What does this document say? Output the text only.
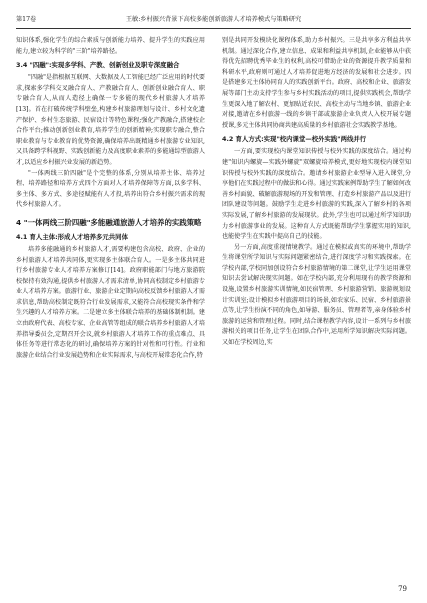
第17卷	王敏:乡村振兴背景下高校多能创新旅游人才培养模式与策略研究

知识体系,强化学生的综合素质与创新能力培养、提升学生的实践应用能力,建立较为科学的"三阶"培养路径。

3.4 "四融":实现多学科、产教、创新创业及职专深度融合

"四融"是指根据互联网、大数据及人工智能已经广泛应用的时代要求,探索多学科交叉融合育人、产教融合育人、创新创业融合育人、职专融合育人,从而人造径上确保一专多能的现代乡村旅游人才培养[13]。首在打破传统学科壁垒,构建乡村旅游理划与设计、乡村文化遗产保护、乡村生态旅游、民宿设计等特色课程;强化产教融合,搭建校企合作平台;推动创新创业教育,培养学生的创新精神;实现职专融合,整合职业教育与专业教育的优势资源,确保培养出既精通乡村旅游专业知识,又具备跨学科视野、实践创新能力及高度职业素养的多能通综型旅游人才,以适应乡村振兴业发展的新趋势。

"一体两线三阶四融"是个完整的体系,分别从培养主体、培养过程、培养路径和培养方式四个方面对人才培养保障等方面,以多学科、多主体、多方式、多途径赋能有人才投,培养出符合乡村振兴需求的现代乡村旅游人才。

4 "一体两线三阶四融"多能融通旅游人才培养的实践策略
4.1 育人主体:形成人才培养多元共同体

培养多能融通的乡村旅游人才,需要构建包含高校、政府、企业的乡村旅游人才培养共同体,更实现多主体联合育人。一是多主体共同进行乡村旅游专业人才培养方案修订[14]。政府职能部门与地方旅游院校保持有效沟通,提供乡村旅游人才需求清单,协同高校制定乡村旅游专业人才培养方案。旅游行业、旅游企业定期向高校反馈乡村旅游人才需求信息,帮助高校制定既符合行业发展需求,又能符合高校现实条件和学生兴趣的人才培养方案。二是建立多主体联合培养的基础体制机制。建立由政府代表、高校专家、企业高管等组成的联合培养乡村旅游人才培养指导委员会,定期召开会议,就乡村旅游人才培养工作的重点难点、具体任务等进行常态化的研讨,确保培养方案的针对性和可行性。行业和旅游企业结合行业发展趋势和企业实际需求,与高校开展常态化合作,特

别是共同开发模块化课程体系,助力乡村振兴。三是共享多方利益共享机制。通过深化合作,建立信息、成果和利益共享机制,企业能够从中获得优先招聘优秀毕业生的权利,高校可借助企业的资源提升教学质量和科研水平,政府则可通过人才培养促进地方经济的发展和社会进步。四是搭建多元主体协同育人的实践创新平台。政府、高校和企业、旅游发展等部门主动支持学生参与乡村实践活动的项目,提供实践机会,帮助学生更深入地了解农村、更加贴近农民、高校主动与当地乡镇、旅游企业对接,邀请在乡村旅游一线的乡镇干部或旅游企业负责人入校开展专题授课,多元主体共同协商共建高质量的乡村旅游社会实践教学基地。

4.2 育人方式:实现"校内课堂—校外实践"两线并行

一方面,要实现校内课堂知识传授与校外实践的深度结合。通过构建"知识内螺旋—实践外螺旋"双螺旋培养模式,更好地实现校内课堂知识传授与校外实践的深度结合。邀请乡村旅游企业型导入进入课堂,分享他们在实践过程中的做法和心得。通过实践案例帮助学生了解如何改善乡村面貌、破解旅游现场的开发和管理、打造乡村旅游产品以及进行团队建设等问题。鼓励学生走进乡村旅游的实践,深入了解乡村的各项实际发展,了解乡村旅游的发展现状。此外,学生也可以通过所学知识助力乡村旅游事业的发展。这种育人方式既能帮助学生掌握实用的知识,也能使学生在实践中提高自己的技能。

另一方面,高度重视情境教学。通过在模拟或真实的环境中,帮助学生将课堂所学知识与实际问题紧密结合,进行深度学习和实践探索。在学校内部,学校同加创设符合乡村旅游情境的第二课堂,让学生运用课堂知识去尝试解决现实问题。如在学校内部,充分利用现有的教学资源和设施,设置乡村旅游实训情境,如民宿管理、乡村旅游营销、旅游规划设计实训室;设计模拟乡村旅游项目的场景,如农家乐、民宿、乡村旅游景点等,让学生扮演不同的角色,如导游、服务员、管理者等,亲身体验乡村旅游的运营和管理过程。同时,结合课程教学内容,设计一系列与乡村旅游相关的项目任务,让学生在团队合作中,运用所学知识解决实际问题。又如在学校周边,实

79
